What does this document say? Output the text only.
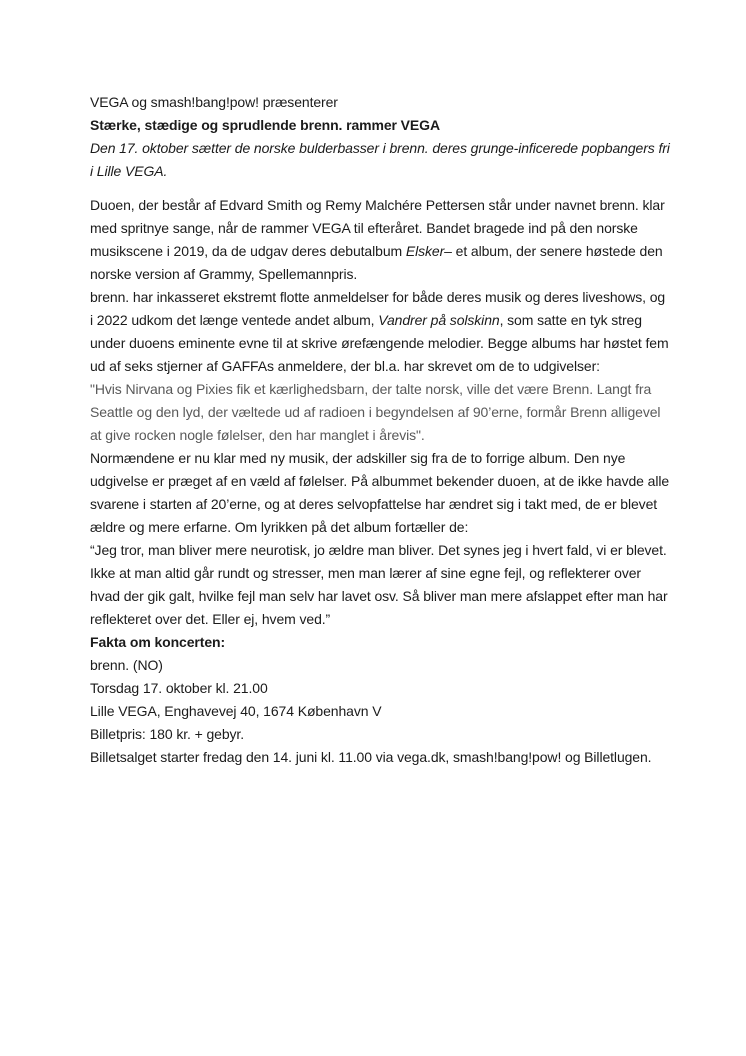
VEGA og smash!bang!pow! præsenterer

Stærke, stædige og sprudlende brenn. rammer VEGA

Den 17. oktober sætter de norske bulderbasser i brenn. deres grunge-inficerede popbangers fri i Lille VEGA.

Duoen, der består af Edvard Smith og Remy Malchére Pettersen står under navnet brenn. klar med spritnye sange, når de rammer VEGA til efteråret. Bandet bragede ind på den norske musikscene i 2019, da de udgav deres debutalbum Elsker– et album, der senere høstede den norske version af Grammy, Spellemannpris.

brenn. har inkasseret ekstremt flotte anmeldelser for både deres musik og deres liveshows, og i 2022 udkom det længe ventede andet album, Vandrer på solskinn, som satte en tyk streg under duoens eminente evne til at skrive ørefængende melodier. Begge albums har høstet fem ud af seks stjerner af GAFFAs anmeldere, der bl.a. har skrevet om de to udgivelser:

"Hvis Nirvana og Pixies fik et kærlighedsbarn, der talte norsk, ville det være Brenn. Langt fra Seattle og den lyd, der væltede ud af radioen i begyndelsen af 90’erne, formår Brenn alligevel at give rocken nogle følelser, den har manglet i årevis".

Normændene er nu klar med ny musik, der adskiller sig fra de to forrige album. Den nye udgivelse er præget af en væld af følelser. På albummet bekender duoen, at de ikke havde alle svarene i starten af 20’erne, og at deres selvopfattelse har ændret sig i takt med, de er blevet ældre og mere erfarne. Om lyrikken på det album fortæller de:

“Jeg tror, man bliver mere neurotisk, jo ældre man bliver. Det synes jeg i hvert fald, vi er blevet. Ikke at man altid går rundt og stresser, men man lærer af sine egne fejl, og reflekterer over hvad der gik galt, hvilke fejl man selv har lavet osv. Så bliver man mere afslappet efter man har reflekteret over det. Eller ej, hvem ved.”

Fakta om koncerten:

brenn. (NO)

Torsdag 17. oktober kl. 21.00

Lille VEGA, Enghavevej 40, 1674 København V

Billetpris: 180 kr. + gebyr.

Billetsalget starter fredag den 14. juni kl. 11.00 via vega.dk, smash!bang!pow! og Billetlugen.
